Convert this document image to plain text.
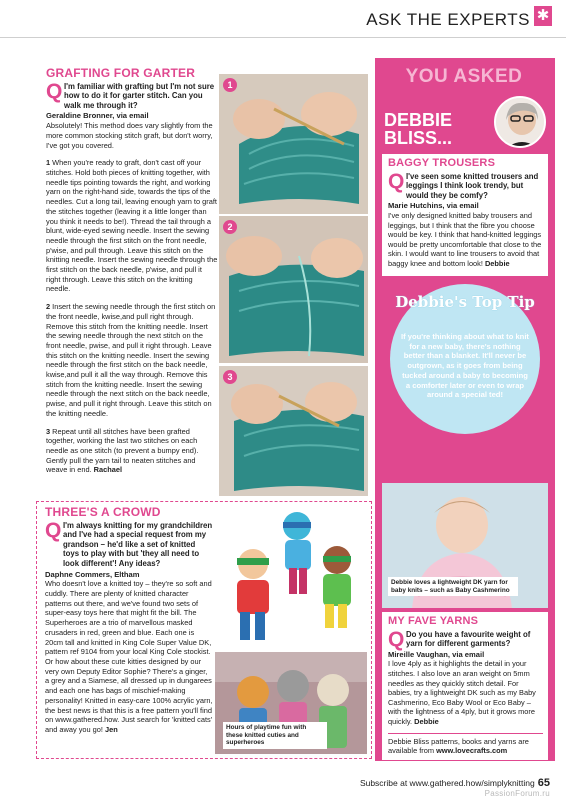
ASK THE EXPERTS ✱
GRAFTING FOR GARTER
Q I'm familiar with grafting but I'm not sure how to do it for garter stitch. Can you walk me through it?
Geraldine Bronner, via email
Absolutely! This method does vary slightly from the more common stocking stitch graft, but don't worry, I've got you covered.
1 When you're ready to graft, don't cast off your stitches. Hold both pieces of knitting together, with needle tips pointing towards the right, and working yarn on the right-hand side, towards the tips of the needles. Cut a long tail, leaving enough yarn to graft the stitches together (leaving it a little longer than you think it needs to be!). Thread the tail through a blunt, wide-eyed sewing needle. Insert the sewing needle through the first stitch on the front needle, p'wise, and pull through. Leave this stitch on the knitting needle. Insert the sewing needle through the first stitch on the back needle, p'wise, and pull it right through. Leave this stitch on the knitting needle.
2 Insert the sewing needle through the first stitch on the front needle, kwise,and pull right through. Remove this stitch from the knitting needle. Insert the sewing needle through the next stitch on the front needle, pwise, and pull it right through. Leave this stitch on the knitting needle. Insert the sewing needle through the first stitch on the back needle, kwise,and pull it all the way through. Remove this stitch from the knitting needle. Insert the sewing needle through the next stitch on the back needle, pwise, and pull it right through. Leave this stitch on the knitting needle.
3 Repeat until all stitches have been grafted together, working the last two stitches on each needle as one stitch (to prevent a bumpy end). Gently pull the yarn tail to neaten stitches and weave in end. Rachael
1
2
3
THREE'S A CROWD
Q I'm always knitting for my grandchildren and I've had a special request from my grandson – he'd like a set of knitted toys to play with but 'they all need to look different'! Any ideas?
Daphne Commers, Eltham
Who doesn't love a knitted toy – they're so soft and cuddly. There are plenty of knitted character patterns out there, and we've found two sets of super-easy toys here that might fit the bill. The Superheroes are a trio of marvellous masked crusaders in red, green and blue. Each one is 20cm tall and knitted in King Cole Super Value DK, pattern ref 9104 from your local King Cole stockist. Or how about these cute kitties designed by our very own Deputy Editor Sophie? There's a ginger, a grey and a Siamese, all dressed up in dungarees and each one has bags of mischief-making personality! Knitted in easy-care 100% acrylic yarn, the best news is that this is a free pattern you'll find on www.gathered.how. Just search for 'knitted cats' and away you go! Jen	Hours of playtime fun with these knitted cuties and superheroes
YOU ASKED
DEBBIE BLISS...
BAGGY TROUSERS
Q I've seen some knitted trousers and leggings I think look trendy, but would they be comfy?
Marie Hutchins, via email
I've only designed knitted baby trousers and leggings, but I think that the fibre you choose would be key. I think that hand-knitted leggings would be pretty uncomfortable that close to the skin. I would want to line trousers to avoid that baggy knee and bottom look! Debbie
Debbie's Top Tip
If you're thinking about what to knit for a new baby, there's nothing better than a blanket. It'll never be outgrown, as it goes from being tucked around a baby to becoming a comforter later or even to wrap around a special ted!
Debbie loves a lightweight DK yarn for baby knits – such as Baby Cashmerino
MY FAVE YARNS
Q Do you have a favourite weight of yarn for different garments?
Mireille Vaughan, via email
I love 4ply as it highlights the detail in your stitches. I also love an aran weight on 5mm needles as they quickly stitch detail. For babies, try a lightweight DK such as my Baby Cashmerino, Eco Baby Wool or Eco Baby – with the lightness of a 4ply, but it grows more quickly. Debbie
Debbie Bliss patterns, books and yarns are available from www.lovecrafts.com
Subscribe at www.gathered.how/simplyknitting 65
PassionForum.ru
